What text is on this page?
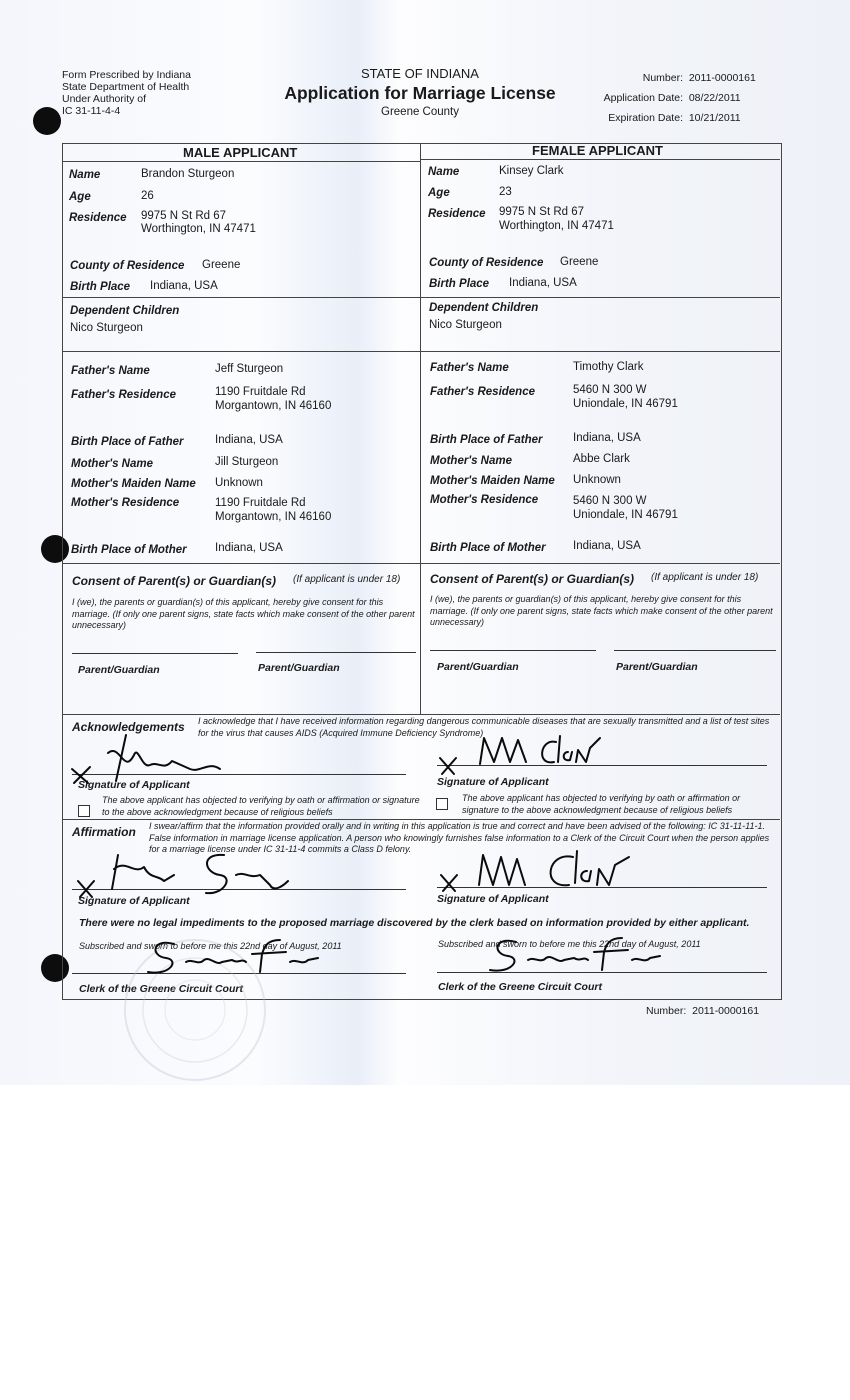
Form Prescribed by Indiana
State Department of Health
Under Authority of
IC 31-11-4-4
STATE OF INDIANA
Application for Marriage License
Greene County
Number: 2011-0000161
Application Date: 08/22/2011
Expiration Date: 10/21/2011
MALE APPLICANT	FEMALE APPLICANT
Name	Brandon Sturgeon
Age	26
Residence 9975 N St Rd 67
Worthington, IN 47471
County of Residence Greene
Birth Place Indiana, USA
Dependent Children
Nico Sturgeon
Father's Name	Jeff Sturgeon
Father's Residence	1190 Fruitdale Rd
Morgantown, IN 46160
Birth Place of Father	Indiana, USA
Mother's Name	Jill Sturgeon
Mother's Maiden Name Unknown
Mother's Residence	1190 Fruitdale Rd
Morgantown, IN 46160
Birth Place of Mother Indiana, USA
Name	Kinsey Clark
Age	23
Residence 9975 N St Rd 67
Worthington, IN 47471
County of Residence Greene
Birth Place Indiana, USA
Dependent Children
Nico Sturgeon
Father's Name	Timothy Clark
Father's Residence	5460 N 300 W
Uniondale, IN 46791
Birth Place of Father	Indiana, USA
Mother's Name	Abbe Clark
Mother's Maiden Name Unknown
Mother's Residence	5460 N 300 W
Uniondale, IN 46791
Birth Place of Mother Indiana, USA
Consent of Parent(s) or Guardian(s) (If applicant is under 18)
I (we), the parents or guardian(s) of this applicant, hereby give consent for this marriage. (If only one parent signs, state facts which make consent of the other parent unnecessary)
Parent/Guardian	Parent/Guardian
Consent of Parent(s) or Guardian(s) (If applicant is under 18)
I (we), the parents or guardian(s) of this applicant, hereby give consent for this marriage. (If only one parent signs, state facts which make consent of the other parent unnecessary)
Parent/Guardian	Parent/Guardian
Acknowledgements I acknowledge that I have received information regarding dangerous communicable diseases that are sexually transmitted and a list of test sites for the virus that causes AIDS (Acquired Immune Deficiency Syndrome)
Signature of Applicant
The above applicant has objected to verifying by oath or affirmation or signature to the above acknowledgment because of religious beliefs
Signature of Applicant
The above applicant has objected to verifying by oath or affirmation or signature to the above acknowledgment because of religious beliefs
Affirmation I swear/affirm that the information provided orally and in writing in this application is true and correct and have been advised of the following: IC 31-11-11-1. False information in marriage license application. A person who knowingly furnishes false information to a Clerk of the Circuit Court when the person applies for a marriage license under IC 31-11-4 commits a Class D felony.
Signature of Applicant	Signature of Applicant
There were no legal impediments to the proposed marriage discovered by the clerk based on information provided by either applicant.
Subscribed and sworn to before me this 22nd day of August, 2011	Subscribed and sworn to before me this 22nd day of August, 2011
Clerk of the Greene Circuit Court	Clerk of the Greene Circuit Court
Number: 2011-0000161
